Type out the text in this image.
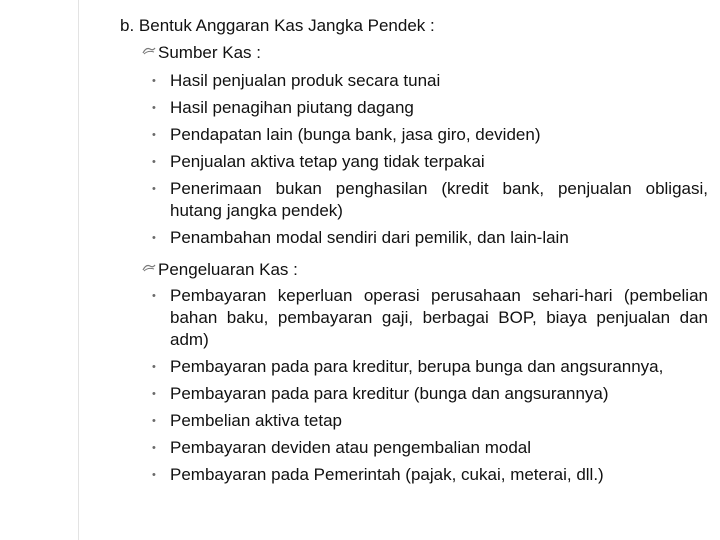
b. Bentuk Anggaran Kas Jangka Pendek :
Sumber Kas :
• Hasil penjualan produk secara tunai
• Hasil penagihan piutang dagang
• Pendapatan lain (bunga bank, jasa giro, deviden)
• Penjualan aktiva tetap yang tidak terpakai
• Penerimaan bukan penghasilan (kredit bank, penjualan obligasi, hutang jangka pendek)
• Penambahan modal sendiri dari pemilik, dan lain-lain
Pengeluaran Kas :
• Pembayaran keperluan operasi perusahaan sehari-hari (pembelian bahan baku, pembayaran gaji, berbagai BOP, biaya penjualan dan adm)
• Pembayaran pada para kreditur, berupa bunga dan angsurannya,
• Pembayaran pada para kreditur (bunga dan angsurannya)
• Pembelian aktiva tetap
• Pembayaran deviden atau pengembalian modal
• Pembayaran pada Pemerintah (pajak, cukai, meterai, dll.)
